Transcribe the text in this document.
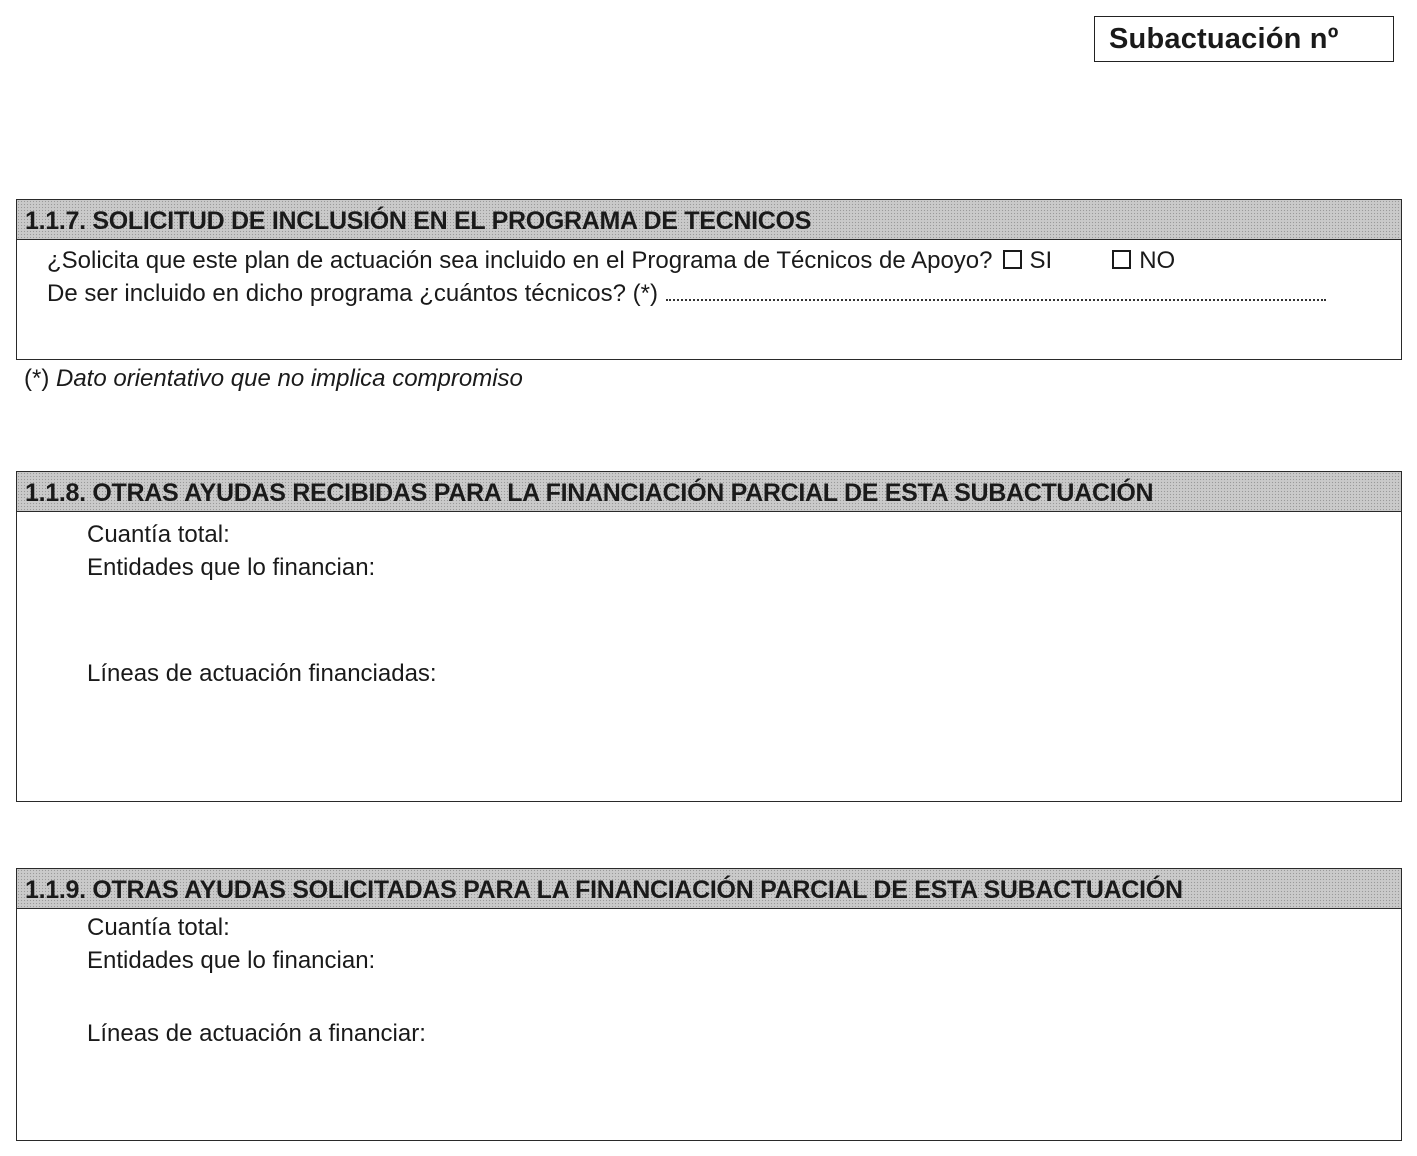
Subactuación nº
1.1.7. SOLICITUD DE INCLUSIÓN EN EL PROGRAMA DE TECNICOS
¿Solicita que este plan de actuación sea incluido en el Programa de Técnicos de Apoyo? SI	NO
De ser incluido en dicho programa ¿cuántos técnicos? (*)
(*) Dato orientativo que no implica compromiso
1.1.8. OTRAS AYUDAS RECIBIDAS PARA LA FINANCIACIÓN PARCIAL DE ESTA SUBACTUACIÓN
Cuantía total:
Entidades que lo financian:
Líneas de actuación financiadas:
1.1.9. OTRAS AYUDAS SOLICITADAS PARA LA FINANCIACIÓN PARCIAL DE ESTA SUBACTUACIÓN
Cuantía total:
Entidades que lo financian:
Líneas de actuación a financiar:
